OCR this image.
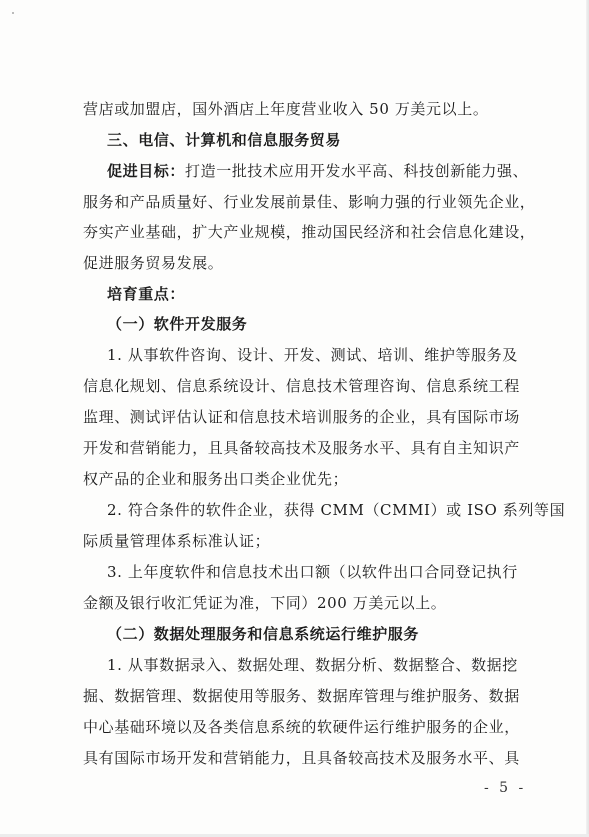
营店或加盟店，国外酒店上年度营业收入 50 万美元以上。
三、电信、计算机和信息服务贸易
促进目标：打造一批技术应用开发水平高、科技创新能力强、
服务和产品质量好、行业发展前景佳、影响力强的行业领先企业，
夯实产业基础，扩大产业规模，推动国民经济和社会信息化建设，
促进服务贸易发展。
培育重点：
（一）软件开发服务
1. 从事软件咨询、设计、开发、测试、培训、维护等服务及
信息化规划、信息系统设计、信息技术管理咨询、信息系统工程
监理、测试评估认证和信息技术培训服务的企业，具有国际市场
开发和营销能力，且具备较高技术及服务水平、具有自主知识产
权产品的企业和服务出口类企业优先；
2. 符合条件的软件企业，获得 CMM（CMMI）或 ISO 系列等国
际质量管理体系标准认证；
3. 上年度软件和信息技术出口额（以软件出口合同登记执行
金额及银行收汇凭证为准，下同）200 万美元以上。
（二）数据处理服务和信息系统运行维护服务
1. 从事数据录入、数据处理、数据分析、数据整合、数据挖
掘、数据管理、数据使用等服务、数据库管理与维护服务、数据
中心基础环境以及各类信息系统的软硬件运行维护服务的企业，
具有国际市场开发和营销能力，且具备较高技术及服务水平、具
- 5 -
